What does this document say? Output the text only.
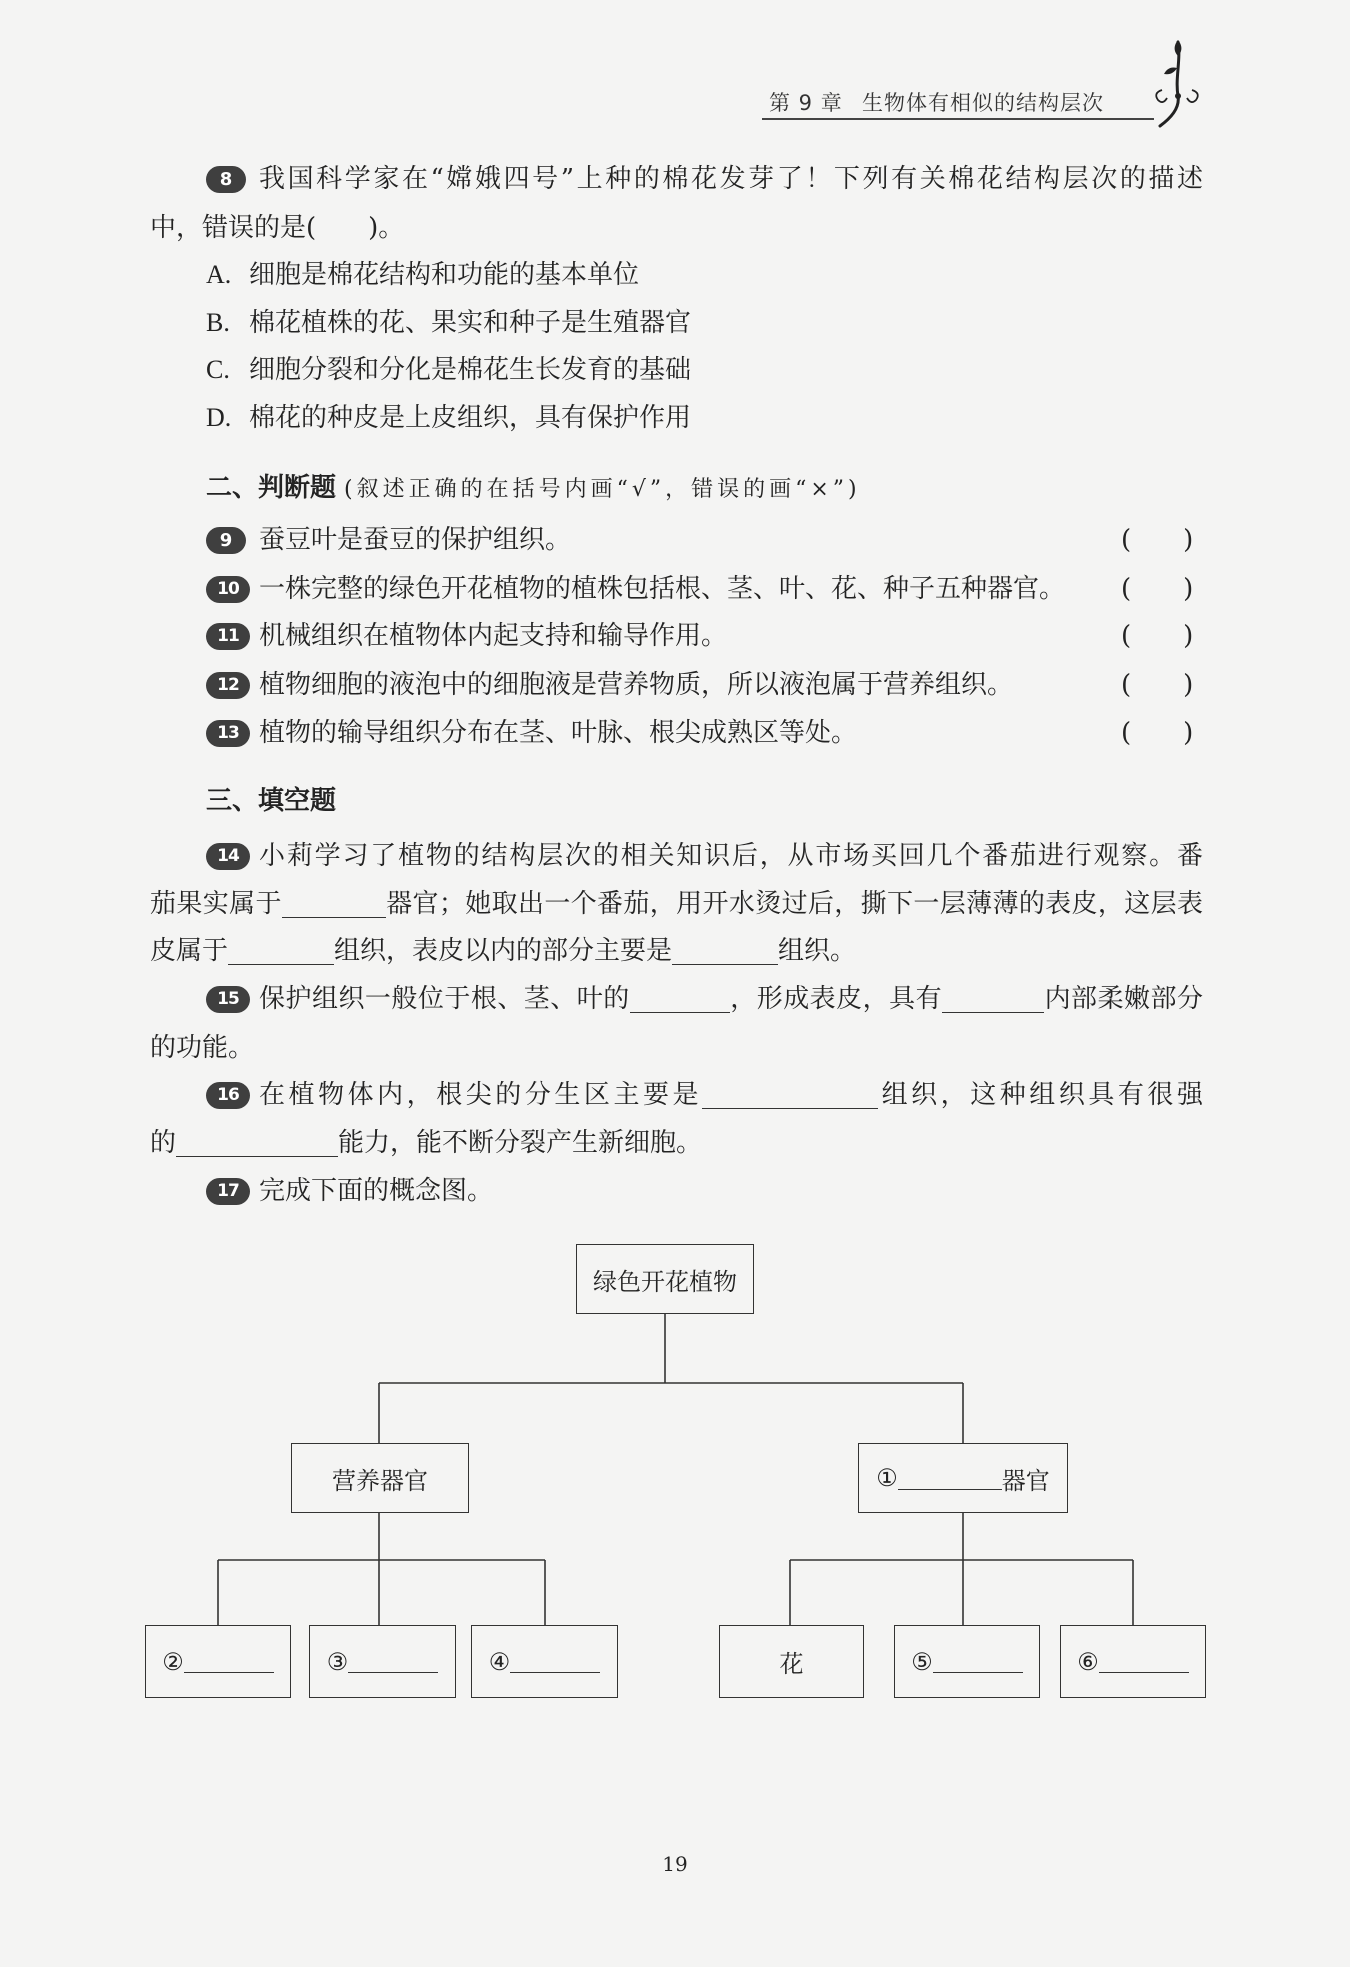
第 9 章 生物体有相似的结构层次
8	我国科学家在“嫦娥四号”上种的棉花发芽了！下列有关棉花结构层次的描述
中，错误的是(　　)。
A. 细胞是棉花结构和功能的基本单位
B. 棉花植株的花、果实和种子是生殖器官
C. 细胞分裂和分化是棉花生长发育的基础
D. 棉花的种皮是上皮组织，具有保护作用
二、判断题 (叙述正确的在括号内画“√”，错误的画“×”)
9	蚕豆叶是蚕豆的保护组织。	(　　)
10 一株完整的绿色开花植物的植株包括根、茎、叶、花、种子五种器官。 (　　)
11 机械组织在植物体内起支持和输导作用。	(　　)
12 植物细胞的液泡中的细胞液是营养物质，所以液泡属于营养组织。	(　　)
13 植物的输导组织分布在茎、叶脉、根尖成熟区等处。	(　　)
三、填空题
14 小莉学习了植物的结构层次的相关知识后，从市场买回几个番茄进行观察。番
茄果实属于	器官；她取出一个番茄，用开水烫过后，撕下一层薄薄的表皮，这层表
皮属于	组织，表皮以内的部分主要是	组织。
15 保护组织一般位于根、茎、叶的	，形成表皮，具有	内部柔嫩部分
的功能。
16 在植物体内，根尖的分生区主要是	组织，这种组织具有很强
的	能力，能不断分裂产生新细胞。
17 完成下面的概念图。
绿色开花植物
营养器官	①	器官
②	③	④	花	⑤	⑥
19
